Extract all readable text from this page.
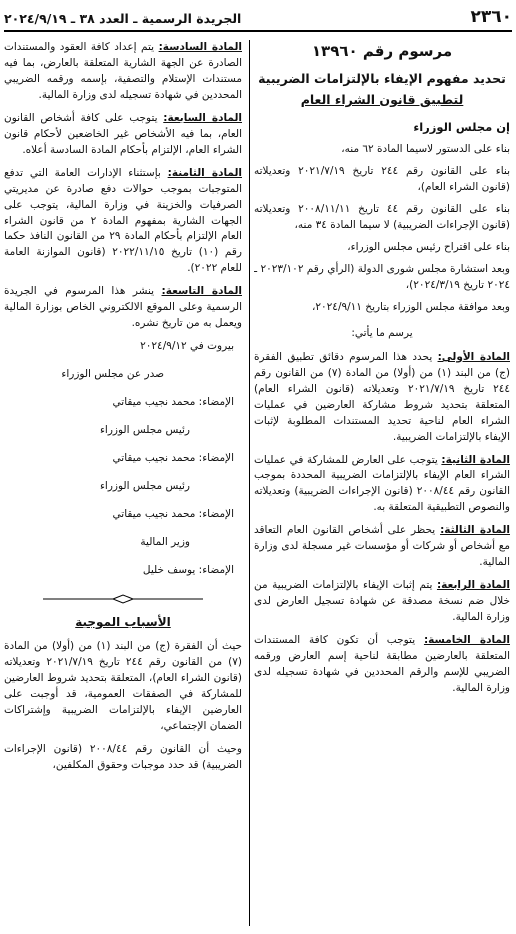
٢٣٦٠
الجريدة الرسمية ـ العدد ٣٨ ـ ٢٠٢٤/٩/١٩
مرسوم رقم ١٣٩٦٠
تحديد مفهوم الإيفاء بالإلتزامات الضريبية
لتطبيق قانون الشراء العام
إن مجلس الوزراء

بناء على الدستور لاسيما المادة ٦٢ منه،

بناء على القانون رقم ٢٤٤ تاريخ ٢٠٢١/٧/١٩ وتعديلاته (قانون الشراء العام)،

بناء على القانون رقم ٤٤ تاريخ ٢٠٠٨/١١/١١ وتعديلاته (قانون الإجراءات الضريبية) لا سيما المادة ٣٤ منه،

بناء على اقتراح رئيس مجلس الوزراء،

وبعد استشارة مجلس شورى الدولة (الرأي رقم ٢٠٢٣/١٠٢ ـ ٢٠٢٤ تاريخ ٢٠٢٤/٣/١٩)،

وبعد موافقة مجلس الوزراء بتاريخ ٢٠٢٤/٩/١١،

يرسم ما يأتي:

المادة الأولى: يحدد هذا المرسوم دقائق تطبيق الفقرة (ج) من البند (١) من (أولا) من المادة (٧) من القانون رقم ٢٤٤ تاريخ ٢٠٢١/٧/١٩ وتعديلاته (قانون الشراء العام) المتعلقة بتحديد شروط مشاركة العارضين في عمليات الشراء العام لناحية تحديد المستندات المطلوبة لإثبات الإيفاء بالإلتزامات الضريبية.

المادة الثانية: يتوجب على العارض للمشاركة في عمليات الشراء العام الإيفاء بالإلتزامات الضريبية المحددة بموجب القانون رقم ٢٠٠٨/٤٤ (قانون الإجراءات الضريبية) وتعديلاته والنصوص التطبيقية المتعلقة به.

المادة الثالثة: يحظر على أشخاص القانون العام التعاقد مع أشخاص أو شركات أو مؤسسات غير مسجلة لدى وزارة المالية.

المادة الرابعة: يتم إثبات الإيفاء بالإلتزامات الضريبية من خلال ضم نسخة مصدقة عن شهادة تسجيل العارض لدى وزارة المالية.

المادة الخامسة: يتوجب أن تكون كافة المستندات المتعلقة بالعارضين مطابقة لناحية إسم العارض ورقمه الضريبي للإسم والرقم المحددين في شهادة تسجيله لدى وزارة المالية.

المادة السادسة: يتم إعداد كافة العقود والمستندات الصادرة عن الجهة الشارية المتعلقة بالعارض، بما فيه مستندات الإستلام والتصفية، بإسمه ورقمه الضريبي المحددين في شهادة تسجيله لدى وزارة المالية.

المادة السابعة: يتوجب على كافة أشخاص القانون العام، بما فيه الأشخاص غير الخاضعين لأحكام قانون الشراء العام، الإلتزام بأحكام المادة السادسة أعلاه.

المادة الثامنة: بإستثناء الإدارات العامة التي تدفع المتوجبات بموجب حوالات دفع صادرة عن مديريتي الصرفيات والخزينة في وزارة المالية، يتوجب على الجهات الشارية بمفهوم المادة ٢ من قانون الشراء العام الإلتزام بأحكام المادة ٢٩ من القانون النافذ حكما رقم (١٠) تاريخ ٢٠٢٢/١١/١٥ (قانون الموازنة العامة للعام ٢٠٢٢).

المادة التاسعة: ينشر هذا المرسوم في الجريدة الرسمية وعلى الموقع الالكتروني الخاص بوزارة المالية ويعمل به من تاريخ نشره.

بيروت في ٢٠٢٤/٩/١٢

صدر عن مجلس الوزراء

الإمضاء: محمد نجيب ميقاتي

رئيس مجلس الوزراء

الإمضاء: محمد نجيب ميقاتي

رئيس مجلس الوزراء

الإمضاء: محمد نجيب ميقاتي

وزير المالية

الإمضاء: يوسف خليل

الأسباب الموجبة

حيث أن الفقرة (ج) من البند (١) من (أولا) من المادة (٧) من القانون رقم ٢٤٤ تاريخ ٢٠٢١/٧/١٩ وتعديلاته (قانون الشراء العام)، المتعلقة بتحديد شروط العارضين للمشاركة في الصفقات العمومية، قد أوجبت على العارضين الإيفاء بالإلتزامات الضريبية وإشتراكات الضمان الإجتماعي،

وحيث أن القانون رقم ٢٠٠٨/٤٤ (قانون الإجراءات الضريبية) قد حدد موجبات وحقوق المكلفين،
